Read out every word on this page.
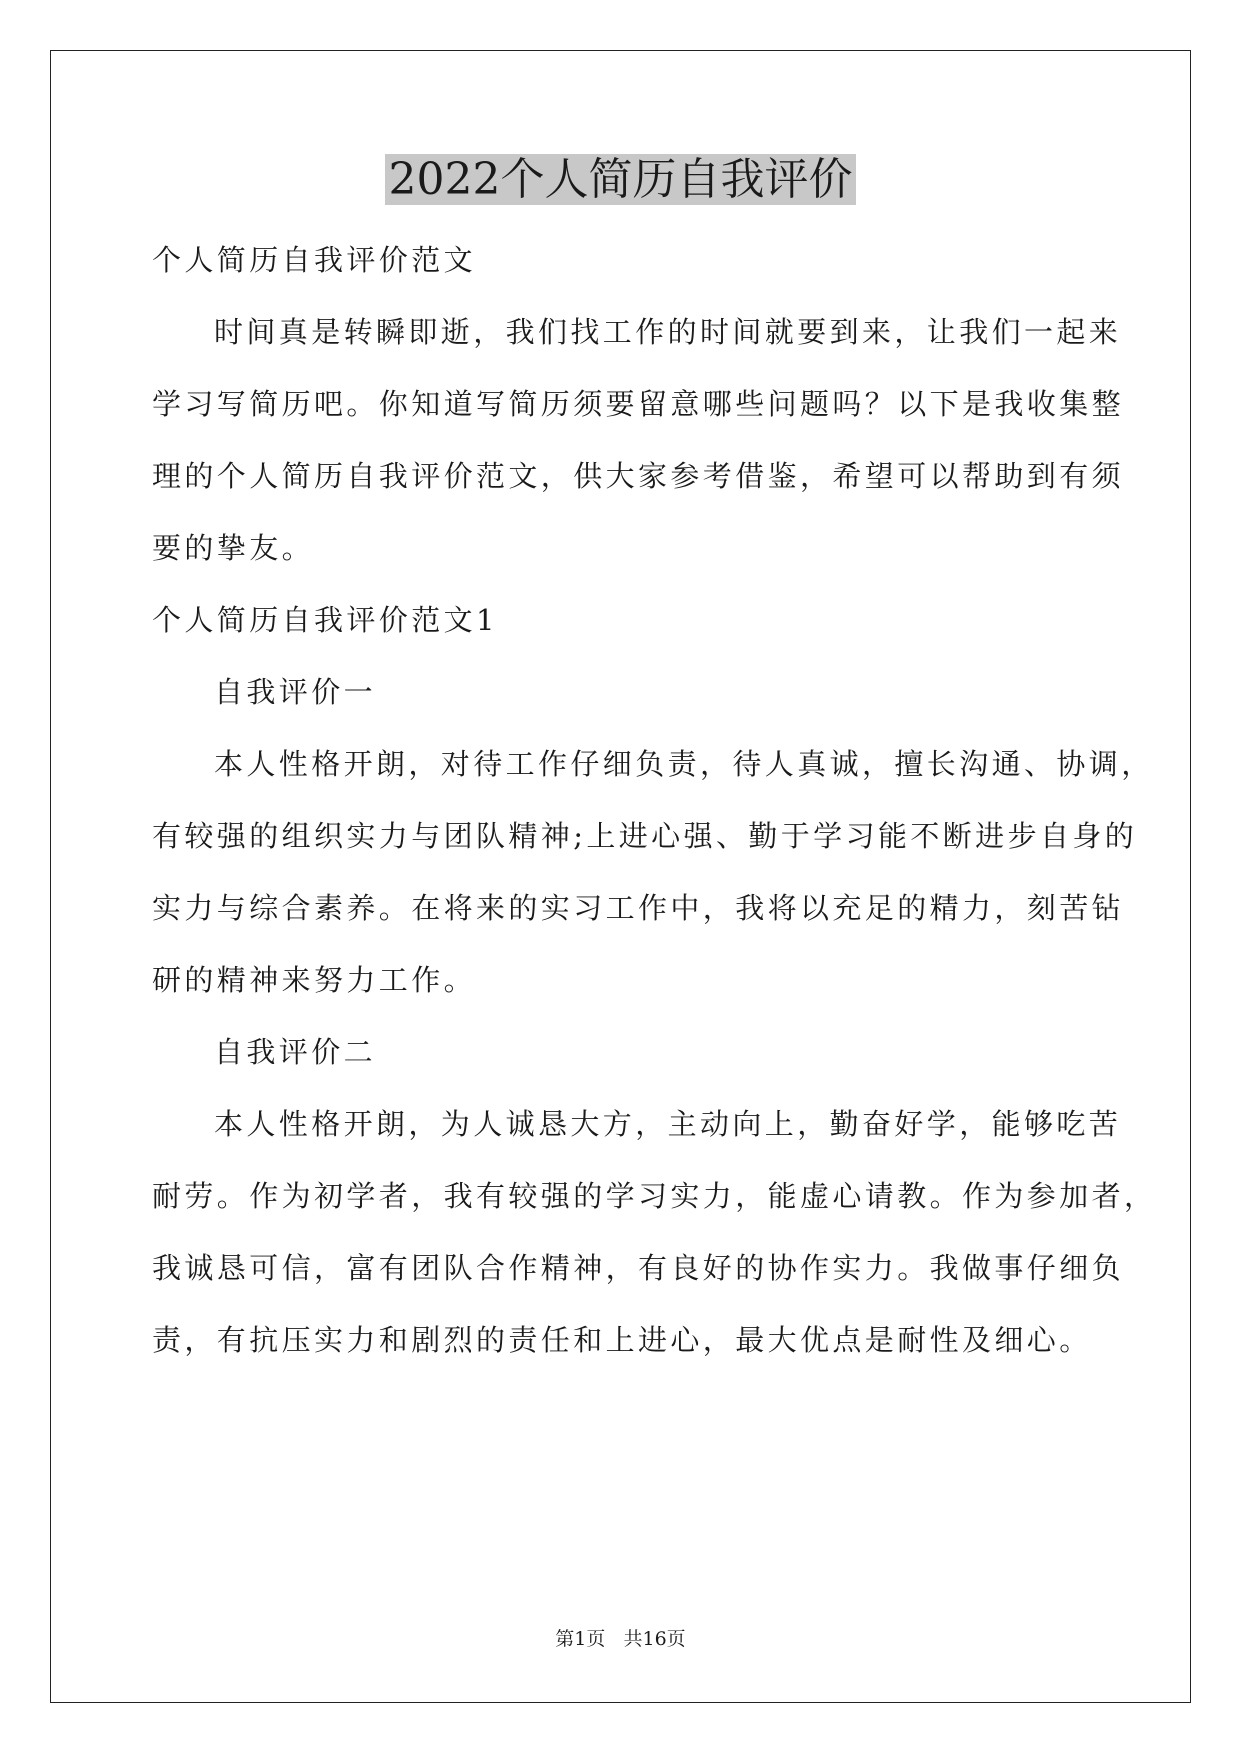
2022个人简历自我评价
个人简历自我评价范文
时间真是转瞬即逝，我们找工作的时间就要到来，让我们一起来
学习写简历吧。你知道写简历须要留意哪些问题吗？以下是我收集整
理的个人简历自我评价范文，供大家参考借鉴，希望可以帮助到有须
要的挚友。
个人简历自我评价范文1
自我评价一
本人性格开朗，对待工作仔细负责，待人真诚，擅长沟通、协调，
有较强的组织实力与团队精神;上进心强、勤于学习能不断进步自身的
实力与综合素养。在将来的实习工作中，我将以充足的精力，刻苦钻
研的精神来努力工作。
自我评价二
本人性格开朗，为人诚恳大方，主动向上，勤奋好学，能够吃苦
耐劳。作为初学者，我有较强的学习实力，能虚心请教。作为参加者，
我诚恳可信，富有团队合作精神，有良好的协作实力。我做事仔细负
责，有抗压实力和剧烈的责任和上进心，最大优点是耐性及细心。
第1页   共16页
